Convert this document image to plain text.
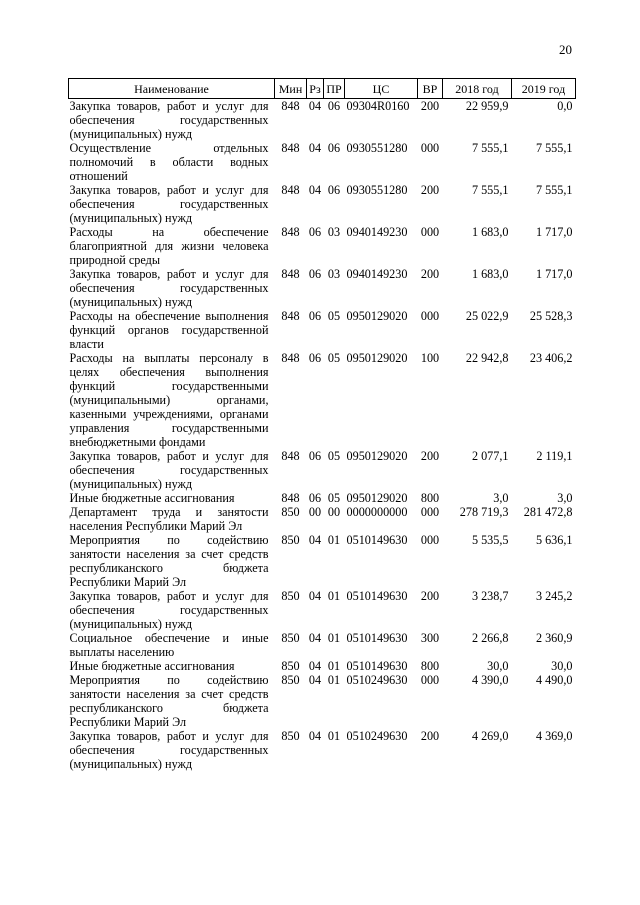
20
Наименование	Мин	Рз	ПР	ЦС	ВР	2018 год	2019 год
Закупка товаров, работ и услуг для обеспечения государственных (муниципальных) нужд	848	04	06	09304R0160	200	22 959,9	0,0
Осуществление отдельных полномочий в области водных отношений	848	04	06	0930551280	000	7 555,1	7 555,1
Закупка товаров, работ и услуг для обеспечения государственных (муниципальных) нужд	848	04	06	0930551280	200	7 555,1	7 555,1
Расходы на обеспечение благоприятной для жизни человека природной среды	848	06	03	0940149230	000	1 683,0	1 717,0
Закупка товаров, работ и услуг для обеспечения государственных (муниципальных) нужд	848	06	03	0940149230	200	1 683,0	1 717,0
Расходы на обеспечение выполнения функций органов государственной власти	848	06	05	0950129020	000	25 022,9	25 528,3
Расходы на выплаты персоналу в целях обеспечения выполнения функций государственными (муниципальными) органами, казенными учреждениями, органами управления государственными внебюджетными фондами	848	06	05	0950129020	100	22 942,8	23 406,2
Закупка товаров, работ и услуг для обеспечения государственных (муниципальных) нужд	848	06	05	0950129020	200	2 077,1	2 119,1
Иные бюджетные ассигнования	848	06	05	0950129020	800	3,0	3,0
Департамент труда и занятости населения Республики Марий Эл	850	00	00	0000000000	000	278 719,3	281 472,8
Мероприятия по содействию занятости населения за счет средств республиканского бюджета Республики Марий Эл	850	04	01	0510149630	000	5 535,5	5 636,1
Закупка товаров, работ и услуг для обеспечения государственных (муниципальных) нужд	850	04	01	0510149630	200	3 238,7	3 245,2
Социальное обеспечение и иные выплаты населению	850	04	01	0510149630	300	2 266,8	2 360,9
Иные бюджетные ассигнования	850	04	01	0510149630	800	30,0	30,0
Мероприятия по содействию занятости населения за счет средств республиканского бюджета Республики Марий Эл	850	04	01	0510249630	000	4 390,0	4 490,0
Закупка товаров, работ и услуг для обеспечения государственных (муниципальных) нужд	850	04	01	0510249630	200	4 269,0	4 369,0
